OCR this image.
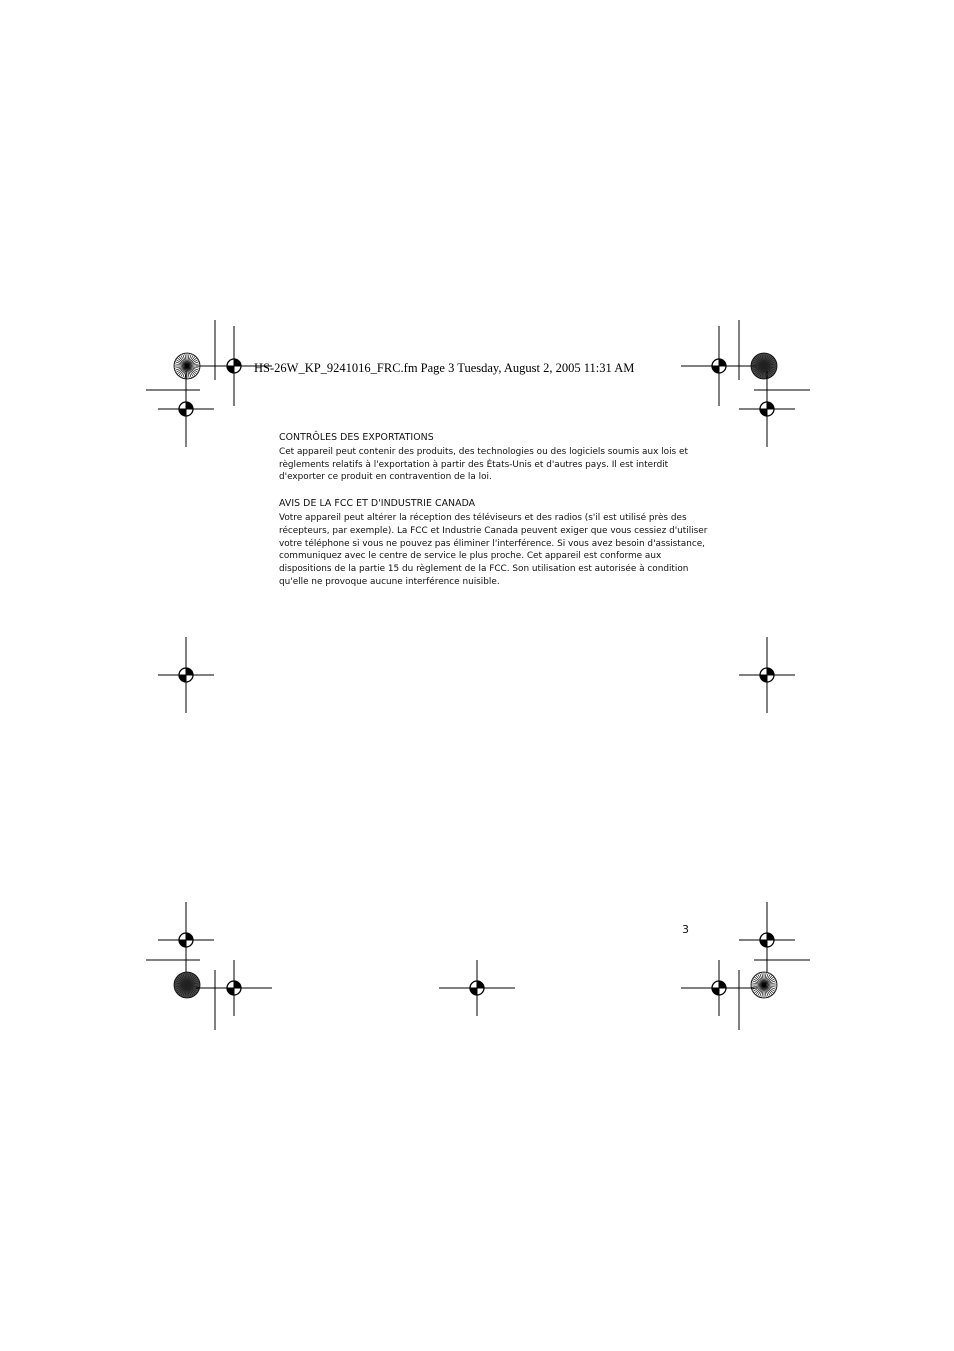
HS-26W_KP_9241016_FRC.fm Page 3 Tuesday, August 2, 2005 11:31 AM
CONTRÔLES DES EXPORTATIONS

Cet appareil peut contenir des produits, des technologies ou des logiciels soumis aux lois et
règlements relatifs à l'exportation à partir des États-Unis et d'autres pays. Il est interdit
d'exporter ce produit en contravention de la loi.

AVIS DE LA FCC ET D'INDUSTRIE CANADA

Votre appareil peut altérer la réception des téléviseurs et des radios (s'il est utilisé près des
récepteurs, par exemple). La FCC et Industrie Canada peuvent exiger que vous cessiez d'utiliser
votre téléphone si vous ne pouvez pas éliminer l'interférence. Si vous avez besoin d'assistance,
communiquez avec le centre de service le plus proche. Cet appareil est conforme aux
dispositions de la partie 15 du règlement de la FCC. Son utilisation est autorisée à condition
qu'elle ne provoque aucune interférence nuisible.

3
